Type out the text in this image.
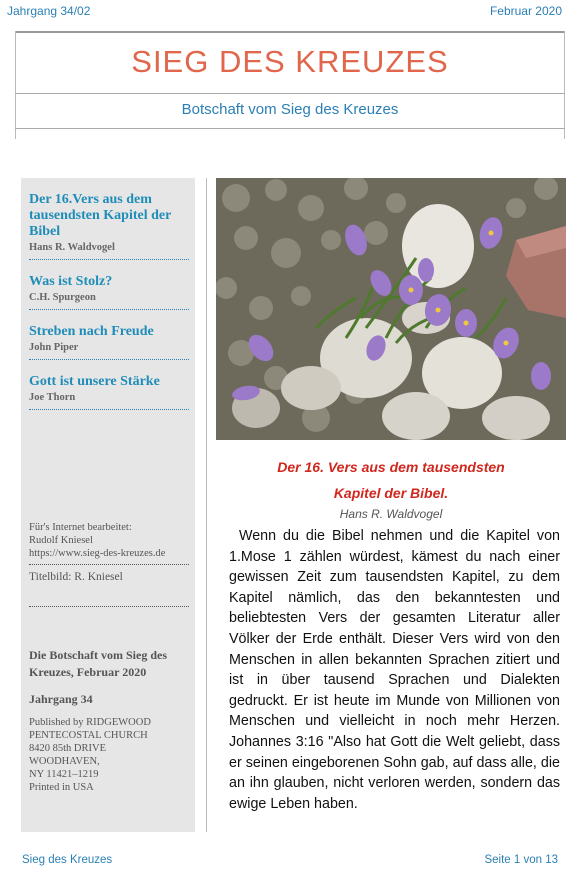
Jahrgang 34/02	Februar 2020
SIEG DES KREUZES
Botschaft vom Sieg des Kreuzes
Der 16.Vers aus dem tausendsten Kapitel der Bibel
Hans R. Waldvogel
Was ist Stolz?
C.H. Spurgeon
Streben nach Freude
John Piper
Gott ist unsere Stärke
Joe Thorn
Für's Internet bearbeitet:
Rudolf Kniesel
https://www.sieg-des-kreuzes.de
Titelbild: R. Kniesel
Die Botschaft vom Sieg des Kreuzes, Februar 2020
Jahrgang 34
Published by RIDGEWOOD
PENTECOSTAL CHURCH
8420 85th DRIVE
WOODHAVEN,
NY 11421–1219
Printed in USA
Der 16. Vers aus dem tausendsten
Kapitel der Bibel.
Hans R. Waldvogel
Wenn du die Bibel nehmen und die Kapitel von 1.Mose 1 zählen würdest, kämest du nach einer gewissen Zeit zum tausendsten Kapitel, zu dem Kapitel nämlich, das den bekanntesten und beliebtesten Vers der gesamten Literatur aller Völker der Erde enthält. Dieser Vers wird von den Menschen in allen bekannten Sprachen zitiert und ist in über tausend Sprachen und Dialekten gedruckt. Er ist heute im Munde von Millionen von Menschen und vielleicht in noch mehr Herzen. Johannes 3:16 "Also hat Gott die Welt geliebt, dass er seinen eingeborenen Sohn gab, auf dass alle, die an ihn glauben, nicht verloren werden, sondern das ewige Leben haben.
Sieg des Kreuzes	Seite 1 von 13
